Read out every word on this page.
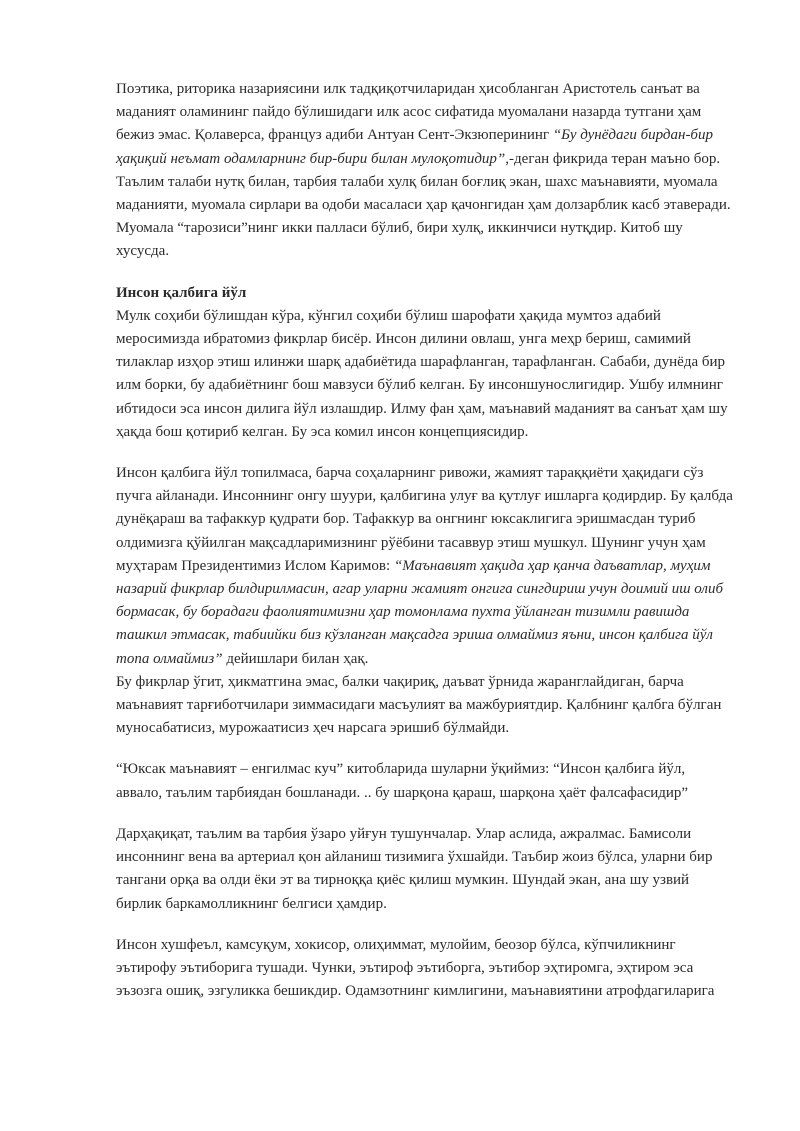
Поэтика, риторика назариясини илк тадқиқотчиларидан ҳисобланган Аристотель санъат ва маданият оламининг пайдо бўлишидаги илк асос сифатида муомалани назарда тутгани ҳам бежиз эмас. Қолаверса, француз адиби Антуан Сент-Экзюперининг “Бу дунёдаги бирдан-бир ҳақиқий неъмат одамларнинг бир-бири билан мулоқотидир”,-деган фикрида теран маъно бор. Таълим талаби нутқ билан, тарбия талаби хулқ билан боғлиқ экан, шахс маънавияти, муомала маданияти, муомала сирлари ва одоби масаласи ҳар қачонгидан ҳам долзарблик касб этаверади. Муомала “тарозиси”нинг икки палласи бўлиб, бири хулқ, иккинчиси нутқдир. Китоб шу хусусда.

Инсон қалбига йўл

Мулк соҳиби бўлишдан кўра, кўнгил соҳиби бўлиш шарофати ҳақида мумтоз адабий меросимизда ибратомиз фикрлар бисёр. Инсон дилини овлаш, унга меҳр бериш, самимий тилаклар изҳор этиш илинжи шарқ адабиётида шарафланган, тарафланган. Сабаби, дунёда бир илм борки, бу адабиётнинг бош мавзуси бўлиб келган. Бу инсоншунослигидир. Ушбу илмнинг ибтидоси эса инсон дилига йўл излашдир. Илму фан ҳам, маънавий маданият ва санъат ҳам шу ҳақда бош қотириб келган. Бу эса комил инсон концепциясидир.

Инсон қалбига йўл топилмаса, барча соҳаларнинг ривожи, жамият тараққиёти ҳақидаги сўз пучга айланади. Инсоннинг онгу шуури, қалбигина улуғ ва қутлуғ ишларга қодирдир. Бу қалбда дунёқараш ва тафаккур қудрати бор. Тафаккур ва онгнинг юксаклигига эришмасдан туриб олдимизга қўйилган мақсадларимизнинг рўёбини тасаввур этиш мушкул. Шунинг учун ҳам муҳтарам Президентимиз Ислом Каримов: “Маънавият ҳақида ҳар қанча даъватлар, муҳим назарий фикрлар билдирилмасин, агар уларни жамият онгига сингдириш учун доимий иш олиб бормасак, бу борадаги фаолиятимизни ҳар томонлама пухта ўйланган тизимли равишда ташкил этмасак, табиийки биз кўзланган мақсадга эриша олмаймиз яъни, инсон қалбига йўл топа олмаймиз” дейишлари билан ҳақ.

Бу фикрлар ўгит, ҳикматгина эмас, балки чақириқ, даъват ўрнида жаранглайдиган, барча маънавият тарғиботчилари зиммасидаги масъулият ва мажбуриятдир. Қалбнинг қалбга бўлган муносабатисиз, мурожаатисиз ҳеч нарсага эришиб бўлмайди.

“Юксак маънавият – енгилмас куч” китобларида шуларни ўқиймиз: “Инсон қалбига йўл, аввало, таълим тарбиядан бошланади. .. бу шарқона қараш, шарқона ҳаёт фалсафасидир”

Дарҳақиқат, таълим ва тарбия ўзаро уйғун тушунчалар. Улар аслида, ажралмас. Бамисоли инсоннинг вена ва артериал қон айланиш тизимига ўхшайди. Таъбир жоиз бўлса, уларни бир тангани орқа ва олди ёки эт ва тирноққа қиёс қилиш мумкин. Шундай экан, ана шу узвий бирлик баркамолликнинг белгиси ҳамдир.

Инсон хушфеъл, камсуқум, хокисор, олиҳиммат, мулойим, беозор бўлса, кўпчиликнинг эътирофу эътиборига тушади. Чунки, эътироф эътиборга, эътибор эҳтиромга, эҳтиром эса эъзозга ошиқ, эзгуликка бешикдир. Одамзотнинг кимлигини, маънавиятини атрофдагиларига
